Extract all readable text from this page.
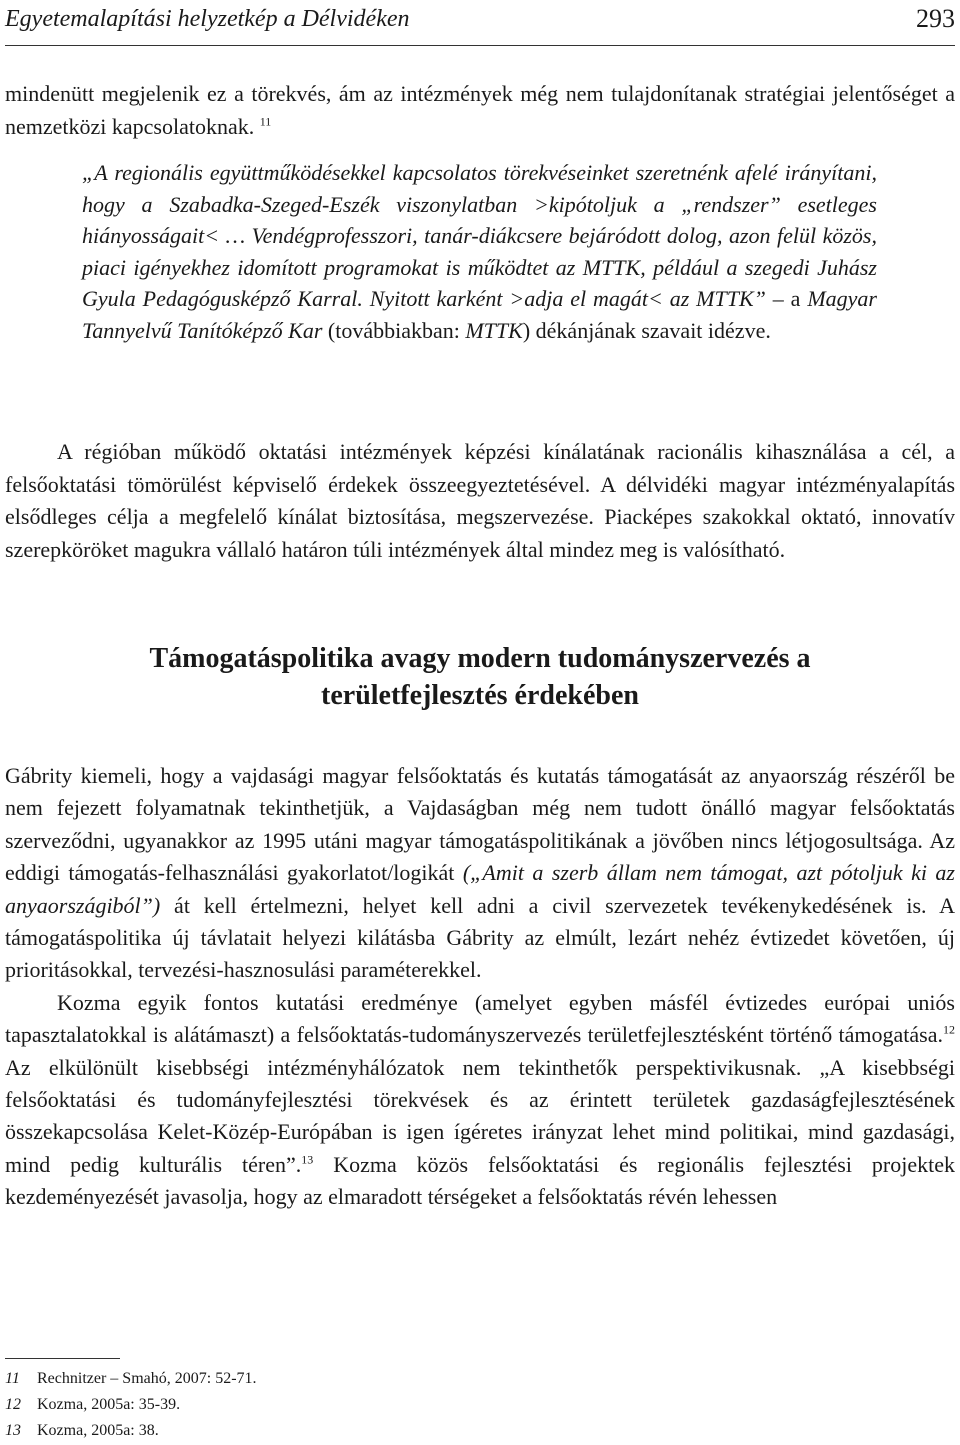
Egyetemalapítási helyzetkép a Délvidéken	293

mindenütt megjelenik ez a törekvés, ám az intézmények még nem tulajdonítanak stratégiai jelentőséget a nemzetközi kapcsolatoknak. $^{11}$

„A regionális együttműködésekkel kapcsolatos törekvéseinket szeretnénk afelé irányítani, hogy a Szabadka-Szeged-Eszék viszonylatban >kipótoljuk a „rendszer” esetleges hiányosságait< … Vendégprofesszori, tanár-diákcsere bejáródott dolog, azon felül közös, piaci igényekhez idomított programokat is működtet az MTTK, például a szegedi Juhász Gyula Pedagógusképző Karral. Nyitott karként >adja el magát< az MTTK” – a Magyar Tannyelvű Tanítóképző Kar (továbbiakban: MTTK) dékánjának szavait idézve.

A régióban működő oktatási intézmények képzési kínálatának racionális kihasználása a cél, a felsőoktatási tömörülést képviselő érdekek összeegyeztetésével. A délvidéki magyar intézményalapítás elsődleges célja a megfelelő kínálat biztosítása, megszervezése. Piacképes szakokkal oktató, innovatív szerepköröket magukra vállaló határon túli intézmények által mindez meg is valósítható.

Támogatáspolitika avagy modern tudományszervezés a területfejlesztés érdekében
Gábrity kiemeli, hogy a vajdasági magyar felsőoktatás és kutatás támogatását az anyaország részéről be nem fejezett folyamatnak tekinthetjük, a Vajdaságban még nem tudott önálló magyar felsőoktatás szerveződni, ugyanakkor az 1995 utáni magyar támogatáspolitikának a jövőben nincs létjogosultsága. Az eddigi támogatás-felhasználási gyakorlatot/logikát („Amit a szerb állam nem támogat, azt pótoljuk ki az anyaországiból”) át kell értelmezni, helyet kell adni a civil szervezetek tevékenykedésének is. A támogatáspolitika új távlatait helyezi kilátásba Gábrity az elmúlt, lezárt nehéz évtizedet követően, új prioritásokkal, tervezési-hasznosulási paraméterekkel.
Kozma egyik fontos kutatási eredménye (amelyet egyben másfél évtizedes európai uniós tapasztalatokkal is alátámaszt) a felsőoktatás-tudományszervezés területfejlesztésként történő támogatása.$^{12}$ Az elkülönült kisebbségi intézményhálózatok nem tekinthetők perspektivikusnak. „A kisebbségi felsőoktatási és tudományfejlesztési törekvések és az érintett területek gazdaságfejlesztésének összekapcsolása Kelet-Közép-Európában is igen ígéretes irányzat lehet mind politikai, mind gazdasági, mind pedig kulturális téren”.$^{13}$ Kozma közös felsőoktatási és regionális fejlesztési projektek kezdeményezését javasolja, hogy az elmaradott térségeket a felsőoktatás révén lehessen
11 Rechnitzer – Smahó, 2007: 52-71.
12 Kozma, 2005a: 35-39.
13 Kozma, 2005a: 38.
